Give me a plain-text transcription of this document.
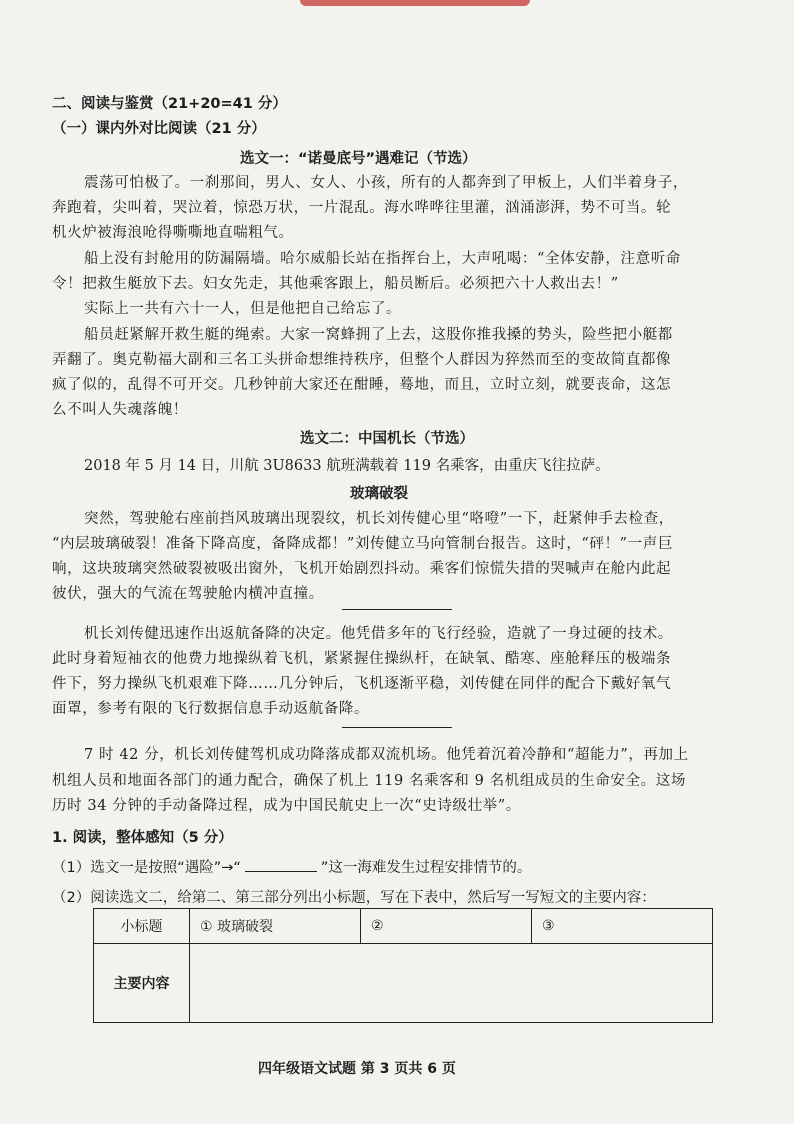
二、阅读与鉴赏（21+20=41 分）
（一）课内外对比阅读（21 分）
选文一：“诺曼底号”遇难记（节选）
震荡可怕极了。一刹那间，男人、女人、小孩，所有的人都奔到了甲板上，人们半着身子，
奔跑着，尖叫着，哭泣着，惊恐万状，一片混乱。海水哗哗往里灌，汹涌澎湃，势不可当。轮
机火炉被海浪呛得嘶嘶地直喘粗气。
船上没有封舱用的防漏隔墙。哈尔威船长站在指挥台上，大声吼喝：“全体安静，注意听命
令！把救生艇放下去。妇女先走，其他乘客跟上，船员断后。必须把六十人救出去！”
实际上一共有六十一人，但是他把自己给忘了。
船员赶紧解开救生艇的绳索。大家一窝蜂拥了上去，这股你推我搡的势头，险些把小艇都
弄翻了。奥克勒福大副和三名工头拼命想维持秩序，但整个人群因为猝然而至的变故简直都像
疯了似的，乱得不可开交。几秒钟前大家还在酣睡，蓦地，而且，立时立刻，就要丧命，这怎
么不叫人失魂落魄！
选文二：中国机长（节选）
2018 年 5 月 14 日，川航 3U8633 航班满载着 119 名乘客，由重庆飞往拉萨。
玻璃破裂
突然，驾驶舱右座前挡风玻璃出现裂纹，机长刘传健心里“咯噔”一下，赶紧伸手去检查，
“内层玻璃破裂！准备下降高度，备降成都！”刘传健立马向管制台报告。这时，“砰！”一声巨
响，这块玻璃突然破裂被吸出窗外，飞机开始剧烈抖动。乘客们惊慌失措的哭喊声在舱内此起
彼伏，强大的气流在驾驶舱内横冲直撞。
机长刘传健迅速作出返航备降的决定。他凭借多年的飞行经验，造就了一身过硬的技术。
此时身着短袖衣的他费力地操纵着飞机，紧紧握住操纵杆，在缺氧、酷寒、座舱释压的极端条
件下，努力操纵飞机艰难下降……几分钟后，飞机逐渐平稳，刘传健在同伴的配合下戴好氧气
面罩，参考有限的飞行数据信息手动返航备降。
7 时 42 分，机长刘传健驾机成功降落成都双流机场。他凭着沉着冷静和“超能力”，再加上
机组人员和地面各部门的通力配合，确保了机上 119 名乘客和 9 名机组成员的生命安全。这场
历时 34 分钟的手动备降过程，成为中国民航史上一次“史诗级壮举”。
1. 阅读，整体感知（5 分）
（1）选文一是按照“遇险”→“	”这一海难发生过程安排情节的。
（2）阅读选文二，给第二、第三部分列出小标题，写在下表中，然后写一写短文的主要内容：
小标题	① 玻璃破裂	②	③
主要内容			
四年级语文试题 第 3 页共 6 页
